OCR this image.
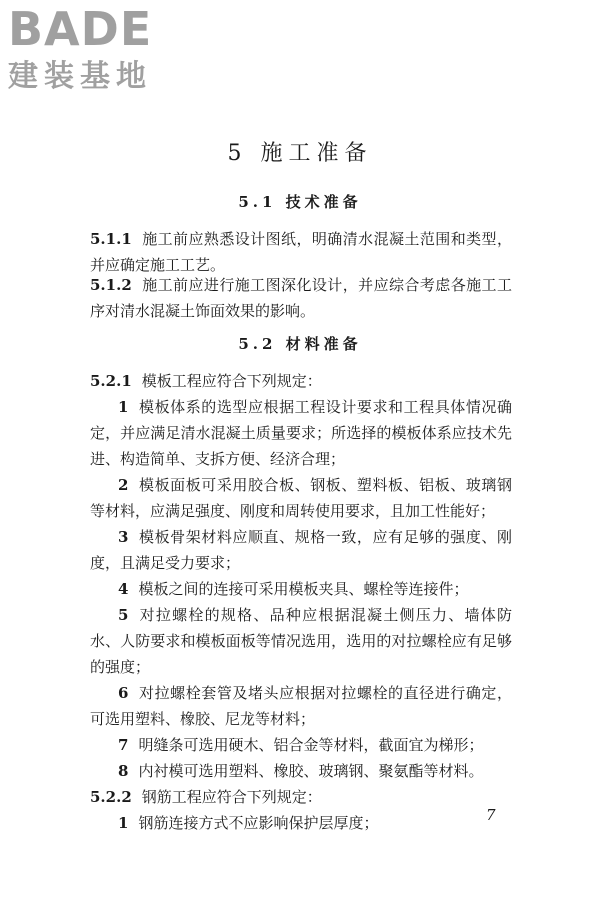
BADE
建装基地
5 施工准备
5.1 技术准备
5.1.1 施工前应熟悉设计图纸，明确清水混凝土范围和类型，并应确定施工工艺。
5.1.2 施工前应进行施工图深化设计，并应综合考虑各施工工序对清水混凝土饰面效果的影响。
5.2 材料准备
5.2.1 模板工程应符合下列规定：
1 模板体系的选型应根据工程设计要求和工程具体情况确定，并应满足清水混凝土质量要求；所选择的模板体系应技术先进、构造简单、支拆方便、经济合理；
2 模板面板可采用胶合板、钢板、塑料板、铝板、玻璃钢等材料，应满足强度、刚度和周转使用要求，且加工性能好；
3 模板骨架材料应顺直、规格一致，应有足够的强度、刚度，且满足受力要求；
4 模板之间的连接可采用模板夹具、螺栓等连接件；
5 对拉螺栓的规格、品种应根据混凝土侧压力、墙体防水、人防要求和模板面板等情况选用，选用的对拉螺栓应有足够的强度；
6 对拉螺栓套管及堵头应根据对拉螺栓的直径进行确定，可选用塑料、橡胶、尼龙等材料；
7 明缝条可选用硬木、铝合金等材料，截面宜为梯形；
8 内衬模可选用塑料、橡胶、玻璃钢、聚氨酯等材料。
5.2.2 钢筋工程应符合下列规定：
1 钢筋连接方式不应影响保护层厚度；	7
